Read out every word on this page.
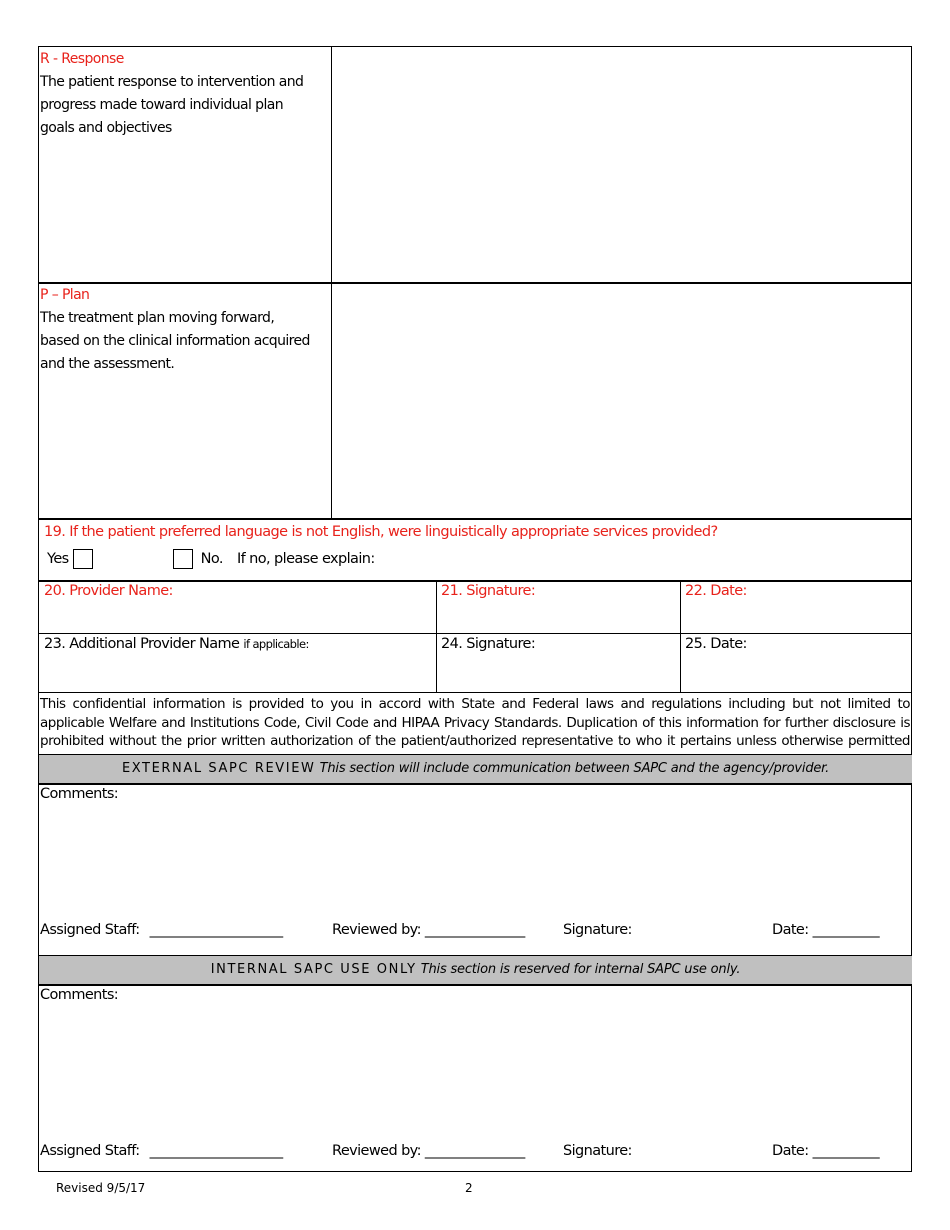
R - Response
The patient response to intervention and progress made toward individual plan goals and objectives
P – Plan
The treatment plan moving forward, based on the clinical information acquired and the assessment.
19. If the patient preferred language is not English, were linguistically appropriate services provided?
Yes	No. If no, please explain:
20. Provider Name:	21. Signature:	22. Date:
23. Additional Provider Name if applicable:	24. Signature:	25. Date:
This confidential information is provided to you in accord with State and Federal laws and regulations including but not limited to applicable Welfare and Institutions Code, Civil Code and HIPAA Privacy Standards. Duplication of this information for further disclosure is prohibited without the prior written authorization of the patient/authorized representative to who it pertains unless otherwise permitted
EXTERNAL SAPC REVIEW This section will include communication between SAPC and the agency/provider.
Comments:
Assigned Staff: ____________________	Reviewed by: _______________	Signature:	Date: __________
INTERNAL SAPC USE ONLY This section is reserved for internal SAPC use only.
Comments:
Assigned Staff: ____________________	Reviewed by: _______________	Signature:	Date: __________
Revised 9/5/17	2
